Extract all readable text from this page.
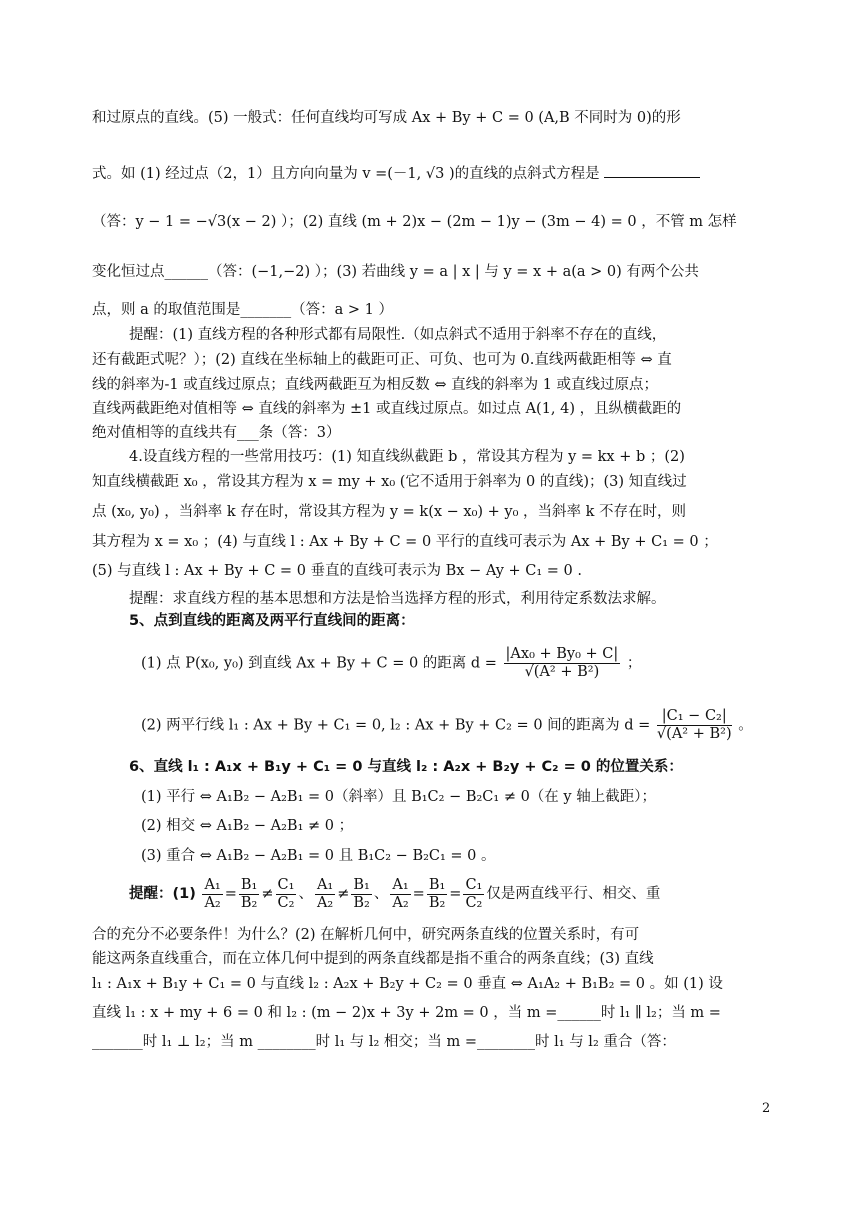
和过原点的直线。(5) 一般式：任何直线均可写成 Ax + By + C = 0 (A,B 不同时为 0)的形
式。如 (1) 经过点（2，1）且方向向量为 v =(－1, √3 )的直线的点斜式方程是
（答：y − 1 = −√3(x − 2) ）；(2) 直线 (m + 2)x − (2m − 1)y − (3m − 4) = 0 ，不管 m 怎样
变化恒过点______（答：(−1,−2) ）；(3) 若曲线 y = a | x | 与 y = x + a(a > 0) 有两个公共
点，则 a 的取值范围是_______（答：a > 1 ）
提醒：(1) 直线方程的各种形式都有局限性.（如点斜式不适用于斜率不存在的直线，
还有截距式呢？）；(2) 直线在坐标轴上的截距可正、可负、也可为 0.直线两截距相等 ⇔ 直
线的斜率为-1 或直线过原点；直线两截距互为相反数 ⇔ 直线的斜率为 1 或直线过原点；
直线两截距绝对值相等 ⇔ 直线的斜率为 ±1 或直线过原点。如过点 A(1, 4) ，且纵横截距的
绝对值相等的直线共有___条（答：3）
4.设直线方程的一些常用技巧：(1) 知直线纵截距 b ，常设其方程为 y = kx + b ；(2)
知直线横截距 x₀ ，常设其方程为 x = my + x₀ (它不适用于斜率为 0 的直线)；(3) 知直线过
点 (x₀, y₀) ，当斜率 k 存在时，常设其方程为 y = k(x − x₀) + y₀ ，当斜率 k 不存在时，则
其方程为 x = x₀ ；(4) 与直线 l : Ax + By + C = 0 平行的直线可表示为 Ax + By + C₁ = 0 ；
(5) 与直线 l : Ax + By + C = 0 垂直的直线可表示为 Bx − Ay + C₁ = 0 .
提醒：求直线方程的基本思想和方法是恰当选择方程的形式，利用待定系数法求解。
5、点到直线的距离及两平行直线间的距离：
(1) 点 P(x₀, y₀) 到直线 Ax + By + C = 0 的距离 $d = \frac{\text{|Ax₀ + By₀ + C|}}{\text{√(A² + B²)}}$ ；
(2) 两平行线 l₁ : Ax + By + C₁ = 0, l₂ : Ax + By + C₂ = 0 间的距离为 $d = \frac{\text{|C₁ − C₂|}}{\text{√(A² + B²)}}$ 。
6、直线 l₁ : A₁x + B₁y + C₁ = 0 与直线 l₂ : A₂x + B₂y + C₂ = 0 的位置关系：
(1) 平行 ⇔ A₁B₂ − A₂B₁ = 0（斜率）且 B₁C₂ − B₂C₁ ≠ 0（在 y 轴上截距）；
(2) 相交 ⇔ A₁B₂ − A₂B₁ ≠ 0 ；
(3) 重合 ⇔ A₁B₂ − A₂B₁ = 0 且 B₁C₂ − B₂C₁ = 0 。
提醒：$(1) \frac{\text{A₁}}{\text{A₂}} = \frac{\text{B₁}}{\text{B₂}} \ne \frac{\text{C₁}}{\text{C₂}}$ 、 $\frac{\text{A₁}}{\text{A₂}} \ne \frac{\text{B₁}}{\text{B₂}}$ 、 $\frac{\text{A₁}}{\text{A₂}} = \frac{\text{B₁}}{\text{B₂}} = \frac{\text{C₁}}{\text{C₂}}$ 仅是两直线平行、相交、重
合的充分不必要条件！为什么？(2) 在解析几何中，研究两条直线的位置关系时，有可
能这两条直线重合，而在立体几何中提到的两条直线都是指不重合的两条直线；(3) 直线
l₁ : A₁x + B₁y + C₁ = 0 与直线 l₂ : A₂x + B₂y + C₂ = 0 垂直 ⇔ A₁A₂ + B₁B₂ = 0 。如 (1) 设
直线 l₁ : x + my + 6 = 0 和 l₂ : (m − 2)x + 3y + 2m = 0 ，当 m =______时 l₁ ∥ l₂；当 m =
_______时 l₁ ⊥ l₂；当 m ________时 l₁ 与 l₂ 相交；当 m =________时 l₁ 与 l₂ 重合（答：
2
